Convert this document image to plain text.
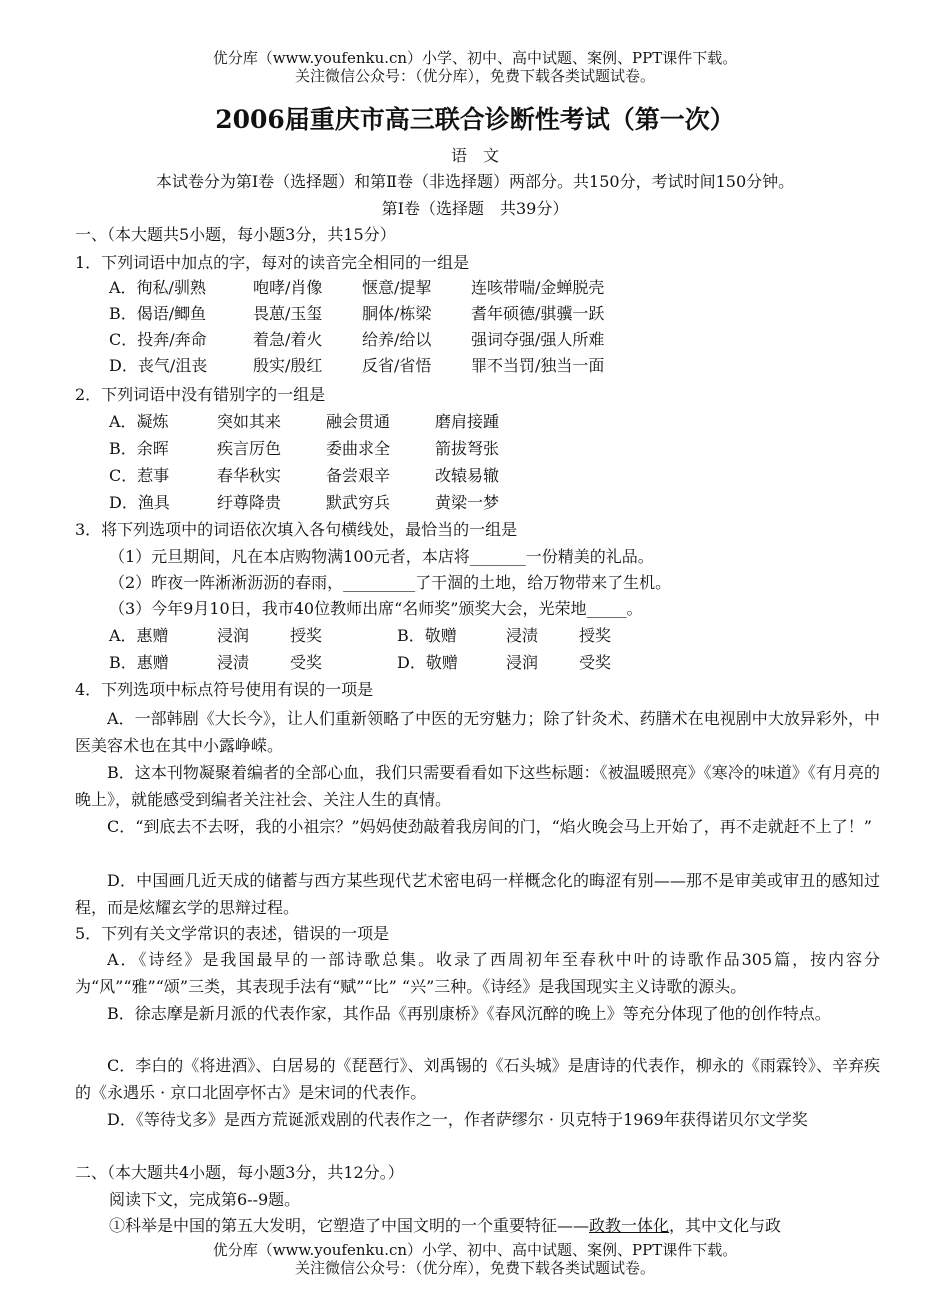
优分库（www.youfenku.cn）小学、初中、高中试题、案例、PPT课件下载。
关注微信公众号：（优分库），免费下载各类试题试卷。
2006届重庆市高三联合诊断性考试（第一次）
语　文
本试卷分为第Ⅰ卷（选择题）和第Ⅱ卷（非选择题）两部分。共150分，考试时间150分钟。
第Ⅰ卷（选择题　共39分）
一、（本大题共5小题，每小题3分，共15分）
1．下列词语中加点的字，每对的读音完全相同的一组是
A．徇私/驯熟	咆哮/肖像 惬意/提挈 连咳带喘/金蝉脱壳
B．偈语/鲫鱼	畏葸/玉玺 胴体/栋梁 耆年硕德/骐骥一跃
C．投奔/奔命	着急/着火 给养/给以 强词夺强/强人所难
D．丧气/沮丧	殷实/殷红 反省/省悟 罪不当罚/独当一面
2．下列词语中没有错别字的一组是
A．凝炼	突如其来	融会贯通	磨肩接踵
B．余晖	疾言厉色	委曲求全	箭拔弩张
C．惹事	春华秋实	备尝艰辛	改辕易辙
D．渔具	纡尊降贵	默武穷兵	黄梁一梦
3．将下列选项中的词语依次填入各句横线处，最恰当的一组是
（1）元旦期间，凡在本店购物满100元者，本店将_______一份精美的礼品。
（2）昨夜一阵淅淅沥沥的春雨，_________了干涸的土地，给万物带来了生机。
（3）今年9月10日，我市40位教师出席“名师奖”颁奖大会，光荣地_____。
A．惠赠	浸润	授奖	B．敬赠	浸渍	授奖
B．惠赠	浸渍	受奖	D．敬赠	浸润	受奖
4．下列选项中标点符号使用有误的一项是
A．一部韩剧《大长今》，让人们重新领略了中医的无穷魅力；除了针灸术、药膳术在电视剧中大放异彩外，中医美容术也在其中小露峥嵘。
B．这本刊物凝聚着编者的全部心血，我们只需要看看如下这些标题：《被温暖照亮》《寒冷的味道》《有月亮的晚上》，就能感受到编者关注社会、关注人生的真情。
C．“到底去不去呀，我的小祖宗？”妈妈使劲敲着我房间的门，“焰火晚会马上开始了，再不走就赶不上了！”
D．中国画几近天成的储蓄与西方某些现代艺术密电码一样概念化的晦涩有别——那不是审美或审丑的感知过程，而是炫耀玄学的思辩过程。
5．下列有关文学常识的表述，错误的一项是
A．《诗经》是我国最早的一部诗歌总集。收录了西周初年至春秋中叶的诗歌作品305篇，按内容分为“风”“雅”“颂”三类，其表现手法有“赋”“比” “兴”三种。《诗经》是我国现实主义诗歌的源头。
B．徐志摩是新月派的代表作家，其作品《再别康桥》《春风沉醉的晚上》等充分体现了他的创作特点。
C．李白的《将进酒》、白居易的《琵琶行》、刘禹锡的《石头城》是唐诗的代表作，柳永的《雨霖铃》、辛弃疾的《永遇乐 · 京口北固亭怀古》是宋词的代表作。
D．《等待戈多》是西方荒诞派戏剧的代表作之一，作者萨缪尔 · 贝克特于1969年获得诺贝尔文学奖
二、（本大题共4小题，每小题3分，共12分。）
阅读下文，完成第6--9题。
①科举是中国的第五大发明，它塑造了中国文明的一个重要特征——政教一体化，其中文化与政
优分库（www.youfenku.cn）小学、初中、高中试题、案例、PPT课件下载。
关注微信公众号：（优分库），免费下载各类试题试卷。
